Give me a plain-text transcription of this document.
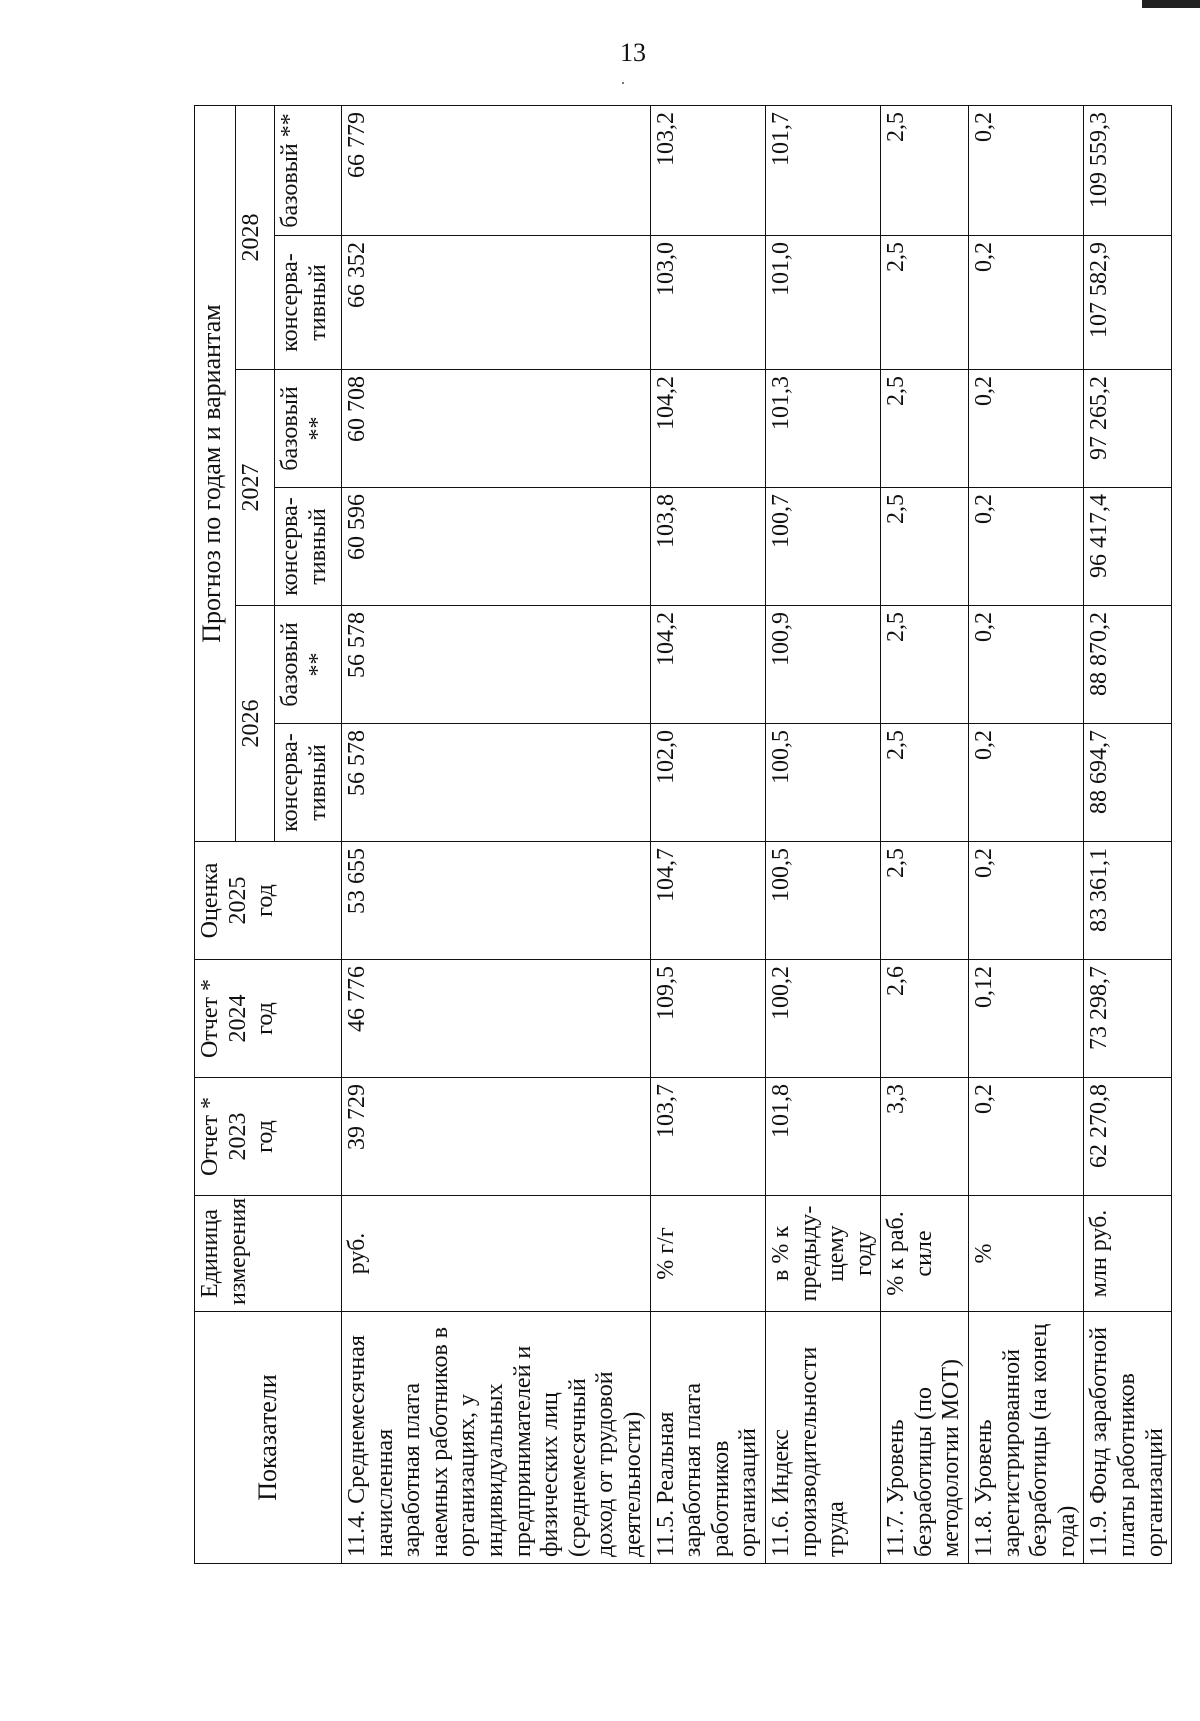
13
Показатели	Единица измерения	Отчет *
2023
год	Отчет *
2024
год	Оценка
2025
год	Прогноз по годам и вариантам					
					2026		2027		2028	
					консерва-тивный	базовый **	консерва-тивный	базовый **	консерва-тивный	базовый **
11.4. Среднемесячная начисленная заработная плата наемных работников в организациях, у индивидуальных предпринимателей и физических лиц (среднемесячный доход от трудовой деятельности)	руб.	39 729	46 776	53 655	56 578	56 578	60 596	60 708	66 352	66 779
11.5. Реальная заработная плата работников организаций	% г/г	103,7	109,5	104,7	102,0	104,2	103,8	104,2	103,0	103,2
11.6. Индекс производительности труда	в % к предыду-щему году	101,8	100,2	100,5	100,5	100,9	100,7	101,3	101,0	101,7
11.7. Уровень безработицы (по методологии МОТ)	% к раб. силе	3,3	2,6	2,5	2,5	2,5	2,5	2,5	2,5	2,5
11.8. Уровень зарегистрированной безработицы (на конец года)	%	0,2	0,12	0,2	0,2	0,2	0,2	0,2	0,2	0,2
11.9. Фонд заработной платы работников организаций	млн руб.	62 270,8	73 298,7	83 361,1	88 694,7	88 870,2	96 417,4	97 265,2	107 582,9	109 559,3
